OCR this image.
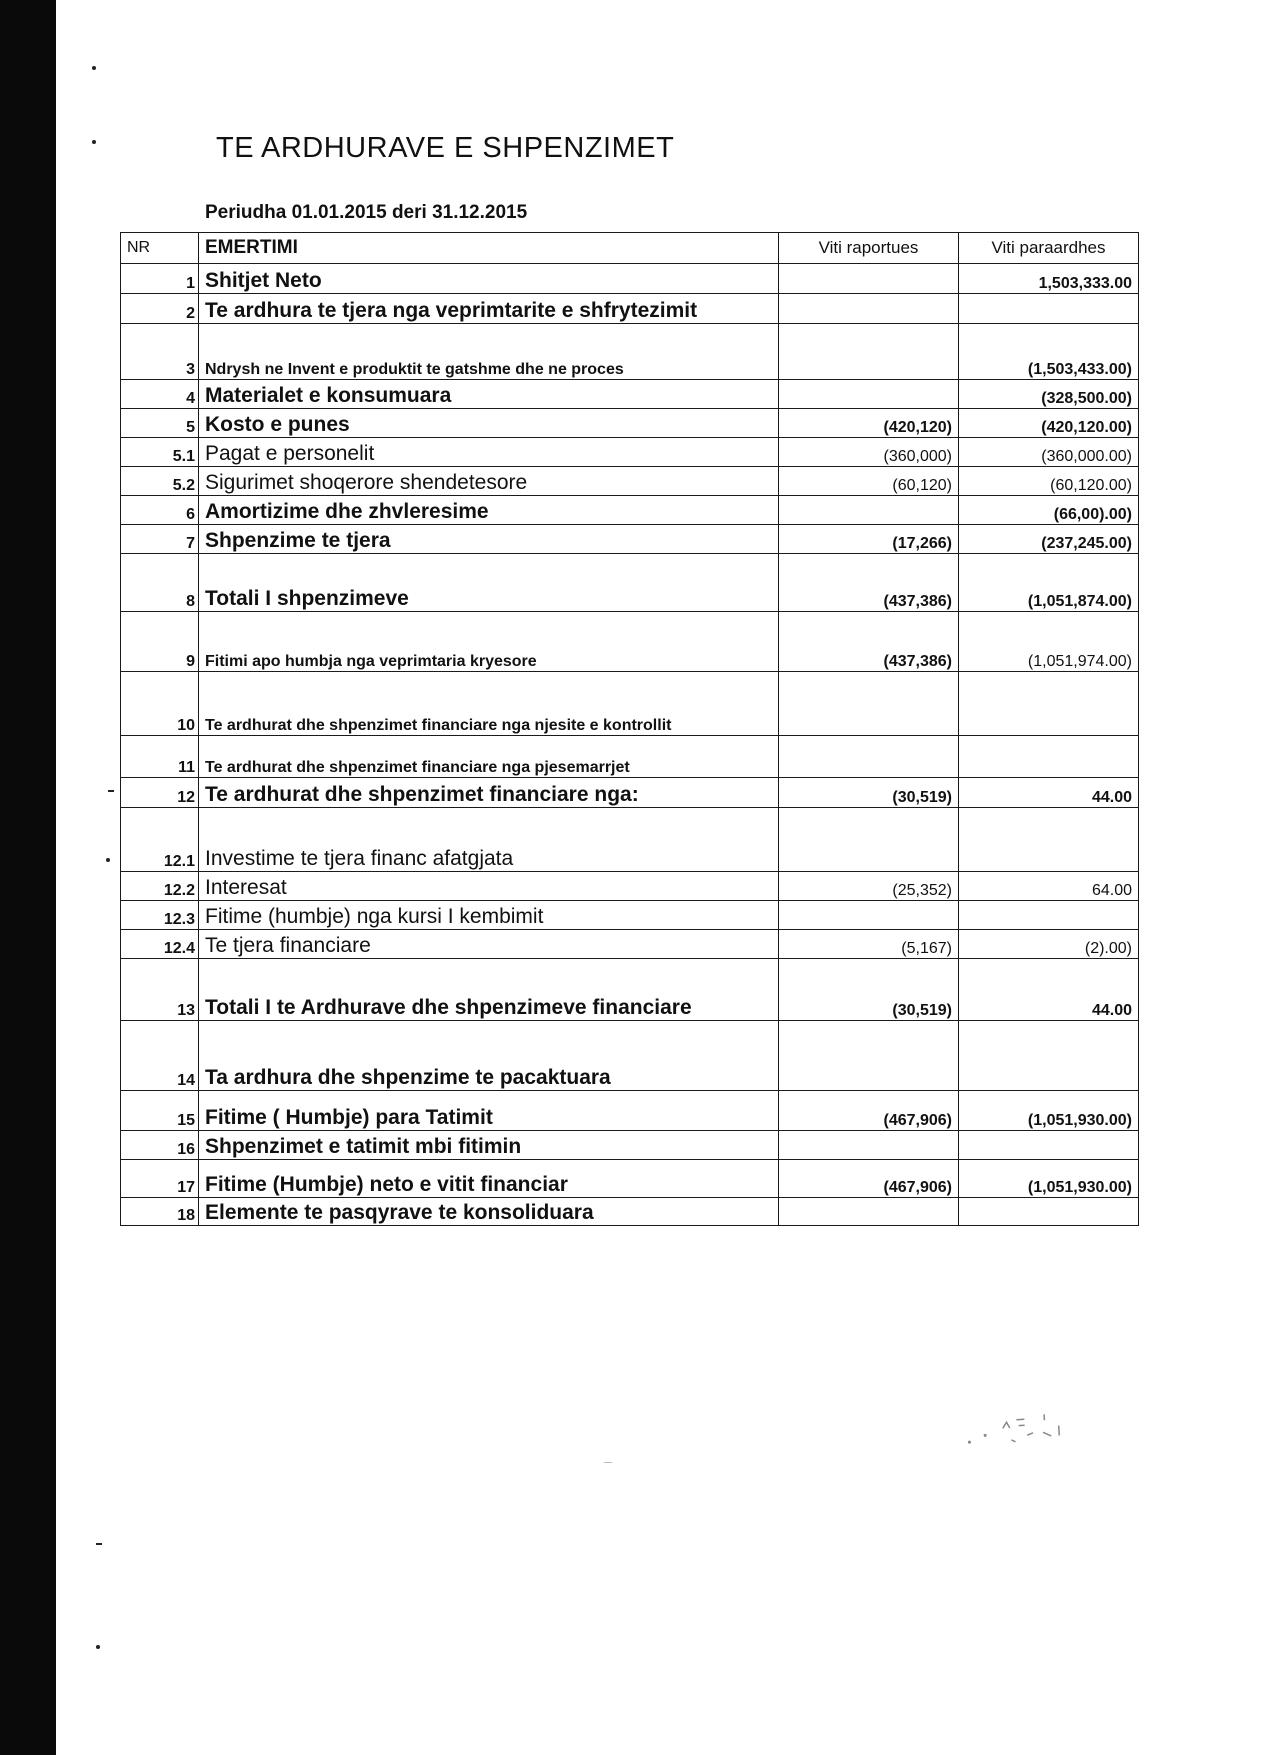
TE ARDHURAVE E SHPENZIMET
Periudha 01.01.2015 deri 31.12.2015
NR	EMERTIMI	Viti raportues	Viti paraardhes
1	Shitjet Neto		1,503,333.00
2	Te ardhura te tjera nga veprimtarite e shfrytezimit		
3	Ndrysh ne Invent e produktit te gatshme dhe ne proces		(1,503,433.00)
4	Materialet e konsumuara		(328,500.00)
5	Kosto e punes	(420,120)	(420,120.00)
5.1	Pagat e personelit	(360,000)	(360,000.00)
5.2	Sigurimet shoqerore shendetesore	(60,120)	(60,120.00)
6	Amortizime dhe zhvleresime		(66,00).00)
7	Shpenzime te tjera	(17,266)	(237,245.00)
8	Totali I shpenzimeve	(437,386)	(1,051,874.00)
9	Fitimi apo humbja nga veprimtaria kryesore	(437,386)	(1,051,974.00)
10	Te ardhurat dhe shpenzimet financiare nga njesite e kontrollit		
11	Te ardhurat dhe shpenzimet financiare nga pjesemarrjet		
12	Te ardhurat dhe shpenzimet financiare nga:	(30,519)	44.00
12.1	Investime te tjera financ afatgjata		
12.2	Interesat	(25,352)	64.00
12.3	Fitime (humbje) nga kursi I kembimit		
12.4	Te tjera financiare	(5,167)	(2).00)
13	Totali I te Ardhurave dhe shpenzimeve financiare	(30,519)	44.00
14	Ta ardhura dhe shpenzime te pacaktuara		
15	Fitime ( Humbje) para Tatimit	(467,906)	(1,051,930.00)
16	Shpenzimet e tatimit mbi fitimin		
17	Fitime (Humbje) neto e vitit financiar	(467,906)	(1,051,930.00)
18	Elemente te pasqyrave te konsoliduara		
